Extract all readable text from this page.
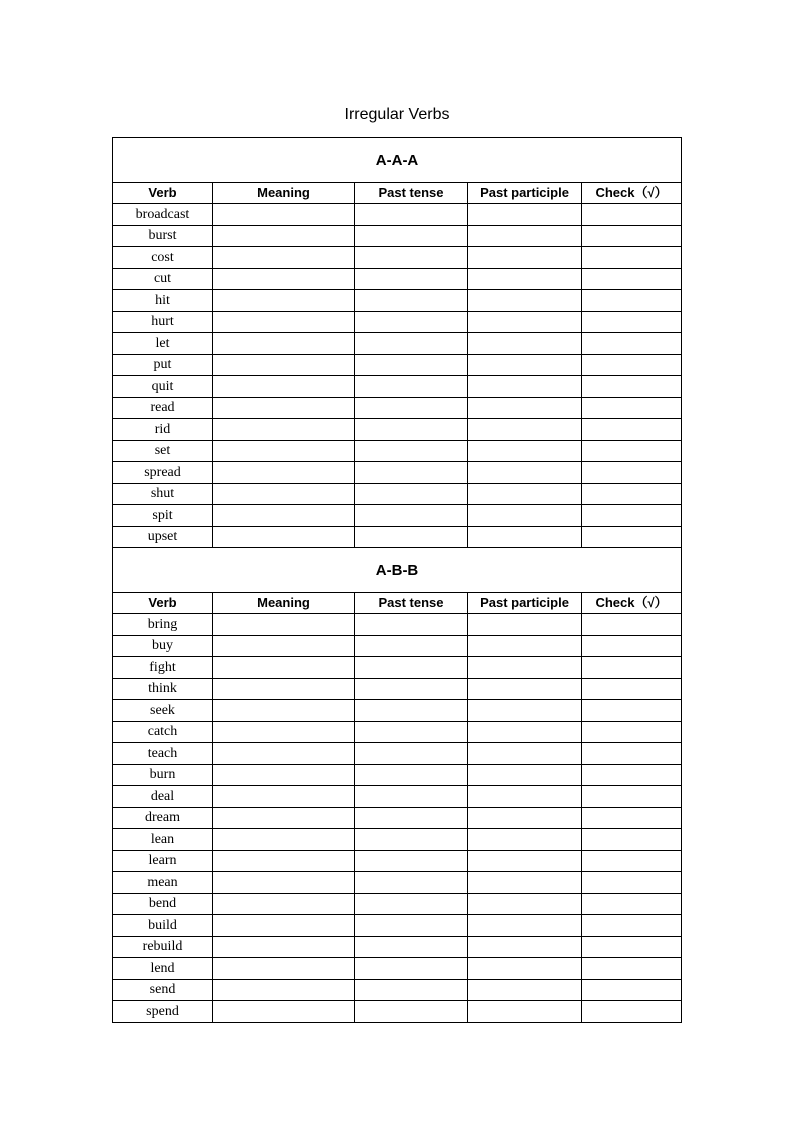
Irregular Verbs
A-A-A				
Verb	Meaning	Past tense	Past participle	Check（√）
broadcast				
burst				
cost				
cut				
hit				
hurt				
let				
put				
quit				
read				
rid				
set				
spread				
shut				
spit				
upset				
A-B-B				
Verb	Meaning	Past tense	Past participle	Check（√）
bring				
buy				
fight				
think				
seek				
catch				
teach				
burn				
deal				
dream				
lean				
learn				
mean				
bend				
build				
rebuild				
lend				
send				
spend				
